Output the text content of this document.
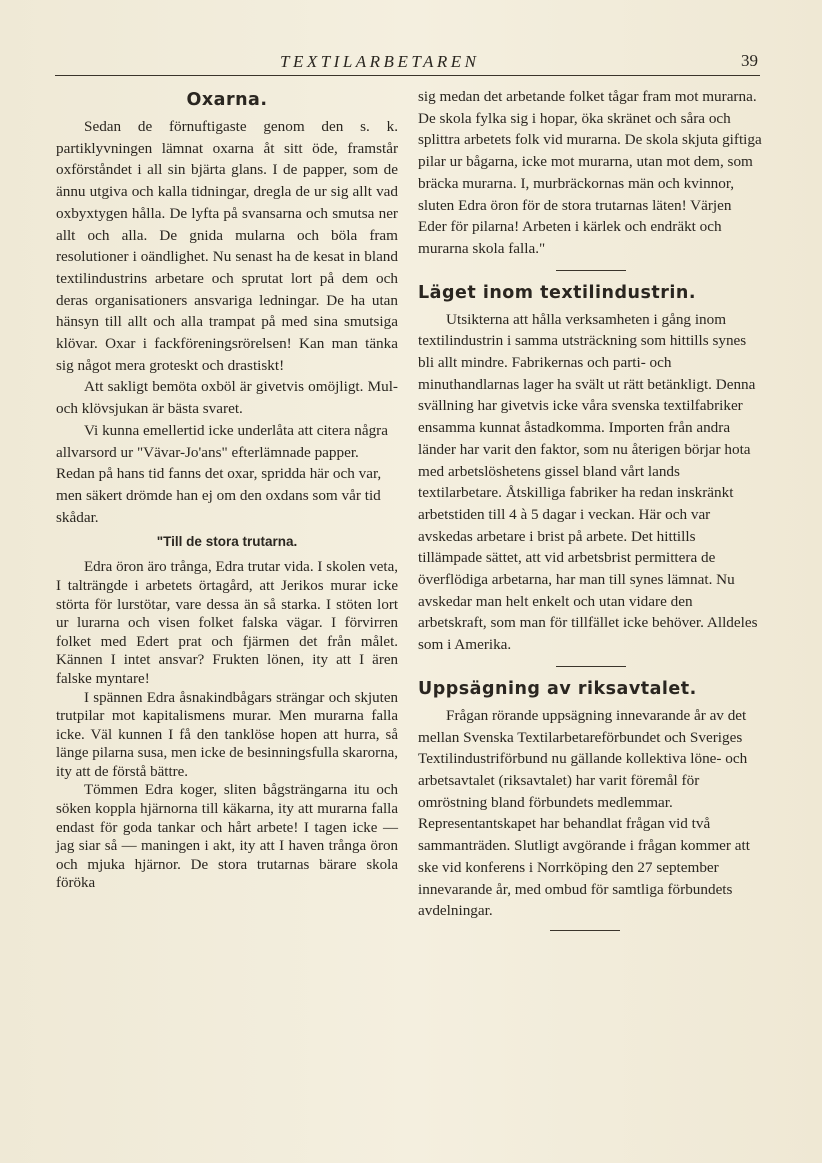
TEXTILARBETAREN	39
Oxarna.

Sedan de förnuftigaste genom den s. k. partiklyvningen lämnat oxarna åt sitt öde, framstår oxförståndet i all sin bjärta glans. I de papper, som de ännu utgiva och kalla tidningar, dregla de ur sig allt vad oxbyxtygen hålla. De lyfta på svansarna och smutsa ner allt och alla. De gnida mularna och böla fram resolutioner i oändlighet. Nu senast ha de kesat in bland textilindustrins arbetare och sprutat lort på dem och deras organisationers ansvariga ledningar. De ha utan hänsyn till allt och alla trampat på med sina smutsiga klövar. Oxar i fackföreningsrörelsen! Kan man tänka sig något mera groteskt och drastiskt!

Att sakligt bemöta oxböl är givetvis omöjligt. Mul- och klövsjukan är bästa svaret.

Vi kunna emellertid icke underlåta att citera några allvarsord ur "Vävar-Jo'ans" efterlämnade papper. Redan på hans tid fanns det oxar, spridda här och var, men säkert drömde han ej om den oxdans som vår tid skådar.

"Till de stora trutarna.

Edra öron äro trånga, Edra trutar vida. I skolen veta, I talträngde i arbetets örtagård, att Jerikos murar icke störta för lurstötar, vare dessa än så starka. I stöten lort ur lurarna och visen folket falska vägar. I förvirren folket med Edert prat och fjärmen det från målet. Kännen I intet ansvar? Frukten lönen, ity att I ären falske myntare!

I spännen Edra åsnakindbågars strängar och skjuten trutpilar mot kapitalismens murar. Men murarna falla icke. Väl kunnen I få den tanklöse hopen att hurra, så länge pilarna susa, men icke de besinningsfulla skarorna, ity att de förstå bättre.

Tömmen Edra koger, sliten bågsträngarna itu och söken koppla hjärnorna till käkarna, ity att murarna falla endast för goda tankar och hårt arbete! I tagen icke — jag siar så — maningen i akt, ity att I haven trånga öron och mjuka hjärnor. De stora trutarnas bärare skola föröka

sig medan det arbetande folket tågar fram mot murarna. De skola fylka sig i hopar, öka skränet och såra och splittra arbetets folk vid murarna. De skola skjuta giftiga pilar ur bågarna, icke mot murarna, utan mot dem, som bräcka murarna. I, murbräckornas män och kvinnor, sluten Edra öron för de stora trutarnas läten! Värjen Eder för pilarna! Arbeten i kärlek och endräkt och murarna skola falla."

Läget inom textilindustrin.

Utsikterna att hålla verksamheten i gång inom textilindustrin i samma utsträckning som hittills synes bli allt mindre. Fabrikernas och parti- och minuthandlarnas lager ha svält ut rätt betänkligt. Denna svällning har givetvis icke våra svenska textilfabriker ensamma kunnat åstadkomma. Importen från andra länder har varit den faktor, som nu återigen börjar hota med arbetslöshetens gissel bland vårt lands textilarbetare. Åtskilliga fabriker ha redan inskränkt arbetstiden till 4 à 5 dagar i veckan. Här och var avskedas arbetare i brist på arbete. Det hittills tillämpade sättet, att vid arbetsbrist permittera de överflödiga arbetarna, har man till synes lämnat. Nu avskedar man helt enkelt och utan vidare den arbetskraft, som man för tillfället icke behöver. Alldeles som i Amerika.

Uppsägning av riksavtalet.

Frågan rörande uppsägning innevarande år av det mellan Svenska Textilarbetareförbundet och Sveriges Textilindustriförbund nu gällande kollektiva löne- och arbetsavtalet (riksavtalet) har varit föremål för omröstning bland förbundets medlemmar. Representantskapet har behandlat frågan vid två sammanträden. Slutligt avgörande i frågan kommer att ske vid konferens i Norrköping den 27 september innevarande år, med ombud för samtliga förbundets avdelningar.
